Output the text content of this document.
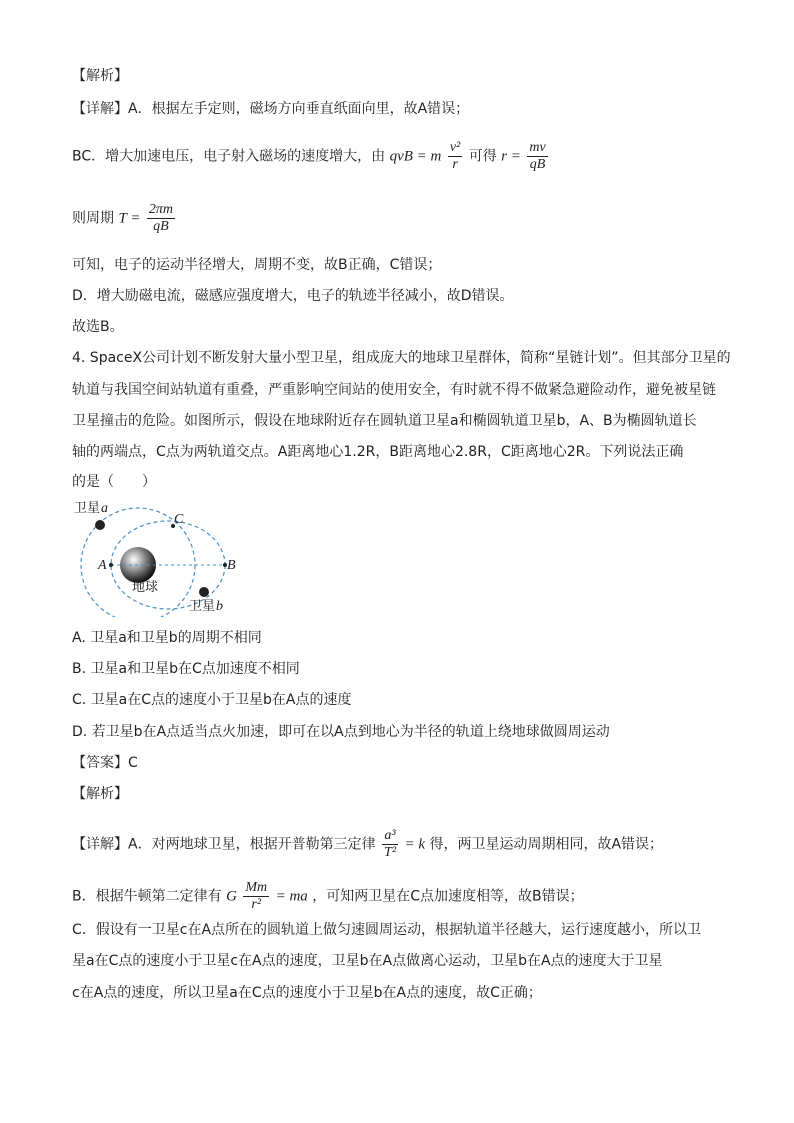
【解析】
【详解】A．根据左手定则，磁场方向垂直纸面向里，故A错误；
BC．增大加速电压，电子射入磁场的速度增大，由 qvB = m $\frac{\text{v²}}{r}$ 可得 $r = \frac{mv}{qB}$
则周期 $T = \frac{2\pi m}{qB}$
可知，电子的运动半径增大，周期不变，故B正确，C错误；
D．增大励磁电流，磁感应强度增大，电子的轨迹半径减小，故D错误。
故选B。
4. SpaceX公司计划不断发射大量小型卫星，组成庞大的地球卫星群体，简称“星链计划”。但其部分卫星的
轨道与我国空间站轨道有重叠，严重影响空间站的使用安全，有时就不得不做紧急避险动作，避免被星链
卫星撞击的危险。如图所示，假设在地球附近存在圆轨道卫星a和椭圆轨道卫星b，A、B为椭圆轨道长
轴的两端点，C点为两轨道交点。A距离地心1.2R，B距离地心2.8R，C距离地心2R。下列说法正确
的是（　　）
卫星 a
C
A	B
地球
卫星 b
A. 卫星a和卫星b的周期不相同
B. 卫星a和卫星b在C点加速度不相同
C. 卫星a在C点的速度小于卫星b在A点的速度
D. 若卫星b在A点适当点火加速，即可在以A点到地心为半径的轨道上绕地球做圆周运动
【答案】C
【解析】
【详解】A．对两地球卫星，根据开普勒第三定律 $\frac{\text{a³}}{\text{T²}} = k$ 得，两卫星运动周期相同，故A错误；
B．根据牛顿第二定律有 G $\frac{Mm}{\text{r²}}$ = ma ，可知两卫星在C点加速度相等，故B错误；
C．假设有一卫星c在A点所在的圆轨道上做匀速圆周运动，根据轨道半径越大，运行速度越小，所以卫
星a在C点的速度小于卫星c在A点的速度，卫星b在A点做离心运动，卫星b在A点的速度大于卫星
c在A点的速度，所以卫星a在C点的速度小于卫星b在A点的速度，故C正确；
